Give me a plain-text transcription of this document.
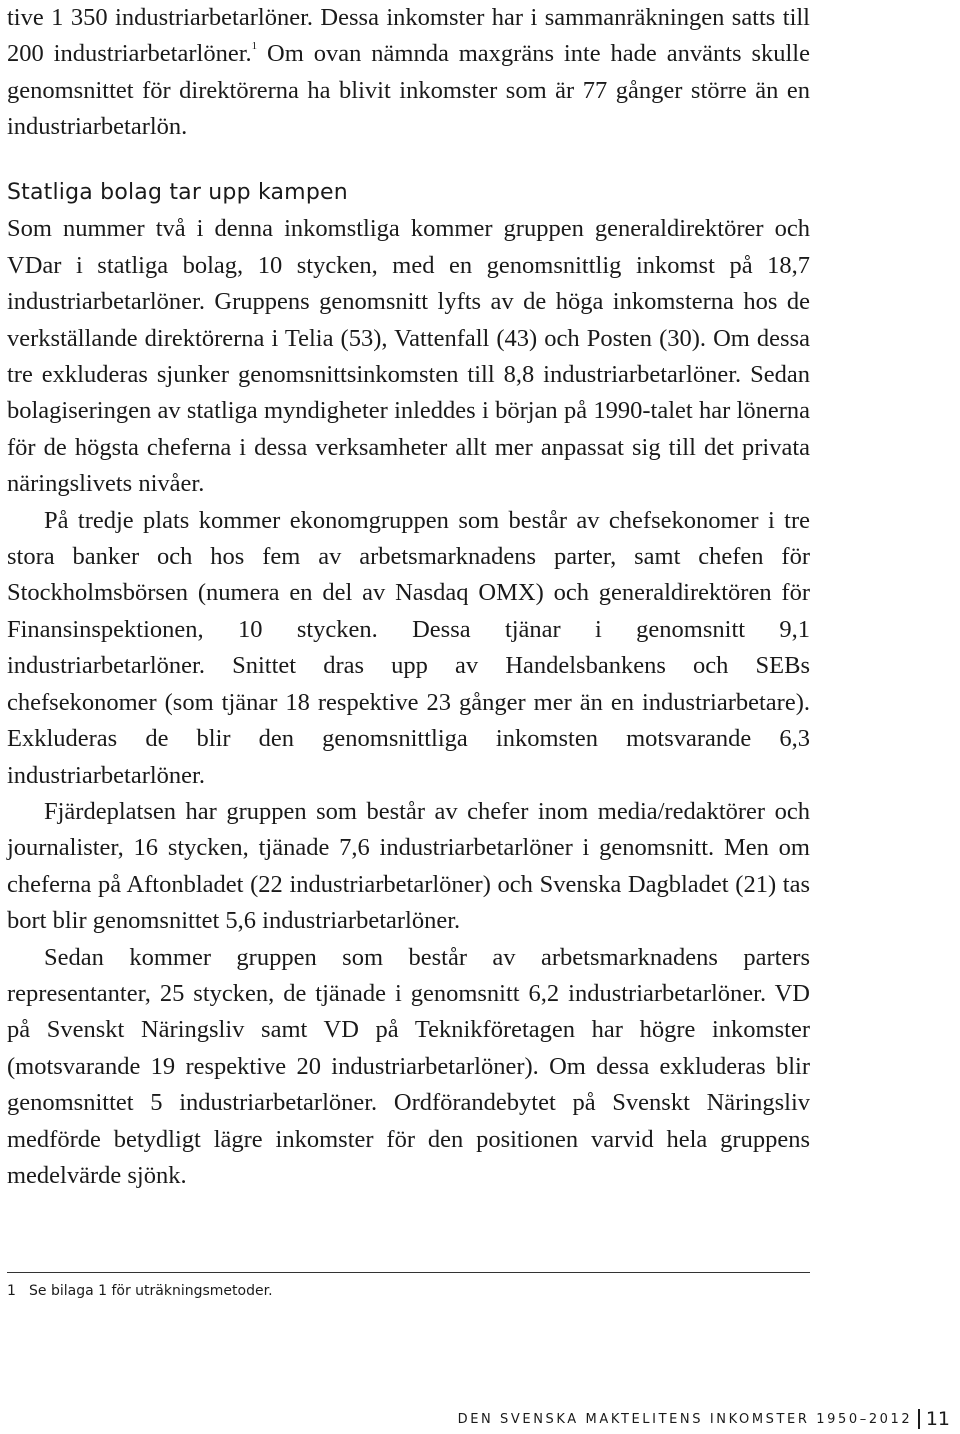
tive 1 350 industriarbetarlöner. Dessa inkomster har i sammanräkningen satts till 200 industriarbetarlöner.$^1$ Om ovan nämnda maxgräns inte hade använts skulle genomsnittet för direktörerna ha blivit inkomster som är 77 gånger större än en industriarbetarlön.

Statliga bolag tar upp kampen

Som nummer två i denna inkomstliga kommer gruppen generaldirektörer och VDar i statliga bolag, 10 stycken, med en genomsnittlig inkomst på 18,7 industriarbetarlöner. Gruppens genomsnitt lyfts av de höga inkomsterna hos de verkställande direktörerna i Telia (53), Vattenfall (43) och Posten (30). Om dessa tre exkluderas sjunker genomsnittsinkomsten till 8,8 industriarbetarlöner. Sedan bolagiseringen av statliga myndigheter inleddes i början på 1990-talet har lönerna för de högsta cheferna i dessa verksamheter allt mer anpassat sig till det privata näringslivets nivåer.

På tredje plats kommer ekonomgruppen som består av chefsekonomer i tre stora banker och hos fem av arbetsmarknadens parter, samt chefen för Stockholmsbörsen (numera en del av Nasdaq OMX) och generaldirektören för Finansinspektionen, 10 stycken. Dessa tjänar i genomsnitt 9,1 industriarbetarlöner. Snittet dras upp av Handelsbankens och SEBs chefsekonomer (som tjänar 18 respektive 23 gånger mer än en industriarbetare). Exkluderas de blir den genomsnittliga inkomsten motsvarande 6,3 industriarbetarlöner.

Fjärdeplatsen har gruppen som består av chefer inom media/redaktörer och journalister, 16 stycken, tjänade 7,6 industriarbetarlöner i genomsnitt. Men om cheferna på Aftonbladet (22 industriarbetarlöner) och Svenska Dagbladet (21) tas bort blir genomsnittet 5,6 industriarbetarlöner.

Sedan kommer gruppen som består av arbetsmarknadens parters representanter, 25 stycken, de tjänade i genomsnitt 6,2 industriarbetarlöner. VD på Svenskt Näringsliv samt VD på Teknikföretagen har högre inkomster (motsvarande 19 respektive 20 industriarbetarlöner). Om dessa exkluderas blir genomsnittet 5 industriarbetarlöner. Ordförandebytet på Svenskt Näringsliv medförde betydligt lägre inkomster för den positionen varvid hela gruppens medelvärde sjönk.

1 Se bilaga 1 för uträkningsmetoder.
DEN SVENSKA MAKTELITENS INKOMSTER 1950–2012 11
